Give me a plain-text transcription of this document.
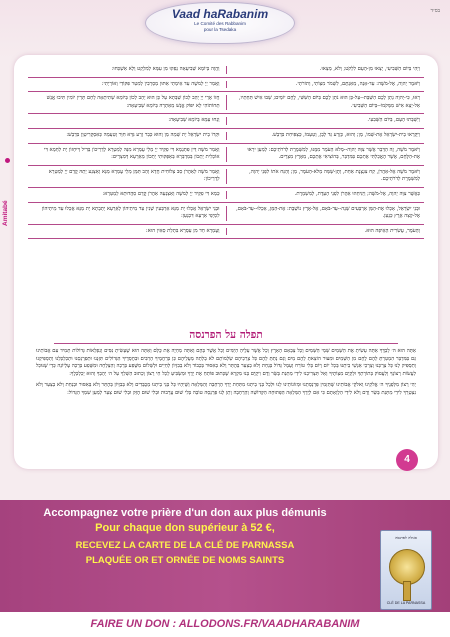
בס״ד
Vaad haRabanim
Le Comité des Rabbanim
pour la Tsedaka
Amitabé
וַיְהִי בַּיּוֹם הַשְּׁבִיעִי, יָצְאוּ מִן-הָעָם לִלְקֹט; וְלֹא, מָצָאוּ.
וַהֲוָה בְּיוֹמָא שְׁבִיעָאָה נְפַקוּ מִן עַמָּא לְמִלְקַט וְלָא אַשְׁכַּחוּ:
וַיֹּאמֶר יְהוָה, אֶל-מֹשֶׁה: עַד-אָנָה, מֵאַנְתֶּם, לִשְׁמֹר מִצְוֹתַי, וְתוֹרֹתָי.
וַאֲמַר יְיָ לְמשֶׁה עַד אֵימָתַי אַתּוּן מְסָרְבִין לְמִטַּר פִּקּוֹדַי וְאוֹרָיָתִי:
רְאוּ, כִּי-יְהוָה נָתַן לָכֶם הַשַּׁבָּת--עַל-כֵּן הוּא נֹתֵן לָכֶם בַּיּוֹם הַשִּׁשִּׁי, לֶחֶם יוֹמָיִם; שְׁבוּ אִישׁ תַּחְתָּיו, אַל-יֵצֵא אִישׁ מִמְּקֹמוֹ--בַּיּוֹם הַשְּׁבִיעִי.
חֲזוֹ אֲרֵי יְיָ יְהַב לְכוֹן שַׁבְּתָא עַל כֵּן הוּא יָהֵב לְכוֹן בְּיוֹמָא שְׁתִיתָאָה לְחֵם תְּרֵין יוֹמִין תִּיבוּ אֱנָשׁ תְּחוֹתוֹהִי לָא יִפּוֹק אֱנָשׁ מֵאַתְרֵהּ בְּיוֹמָא שְׁבִיעָאָה:
וַיִּשְׁבְּתוּ הָעָם, בַּיּוֹם הַשְּׁבִעִי.
וְנָחוּ עַמָּא בְּיוֹמָא שְׁבִיעָאָה:
וַיִּקְרְאוּ בֵית-יִשְׂרָאֵל אֶת-שְׁמוֹ, מָן; וְהוּא, כְּזֶרַע גַּד לָבָן, וְטַעְמוֹ, כְּצַפִּיחִת בִּדְבָשׁ.
וּקְרוֹ בֵית יִשְׂרָאֵל יָת שְׁמֵהּ מַן וְהוּא כְּבַר זְרַע גִּדָּא חִוָּר וְטַעְמֵהּ כְּאִסְקְרִיטָוָן בִּדְבָשׁ:
וַיֹּאמֶר מֹשֶׁה, זֶה הַדָּבָר אֲשֶׁר צִוָּה יְהוָה--מְלֹא הָעֹמֶר מִמֶּנּוּ, לְמִשְׁמֶרֶת לְדֹרֹתֵיכֶם: לְמַעַן יִרְאוּ אֶת-הַלֶּחֶם, אֲשֶׁר הֶאֱכַלְתִּי אֶתְכֶם בַּמִּדְבָּר, בְּהוֹצִיאִי אֶתְכֶם, מֵאֶרֶץ מִצְרָיִם.
וַאֲמַר משֶׁה דֵּין פִּתְגָמָא דִּי פַקֵּיד יְיָ מְלֵי עֻמְרָא מִנֵּהּ לְמַטְּרָא לְדָרֵיכוֹן בְּדִיל דְּיִחְזוֹן יָת לַחְמָא דִּי אוֹכֵלִית יָתְכוֹן בְּמַדְבְּרָא בְּאַפָּקוּתִי יָתְכוֹן מֵאַרְעָא דְּמִצְרָיִם:
וַיֹּאמֶר מֹשֶׁה אֶל-אַהֲרֹן, קַח צִנְצֶנֶת אַחַת, וְתֶן-שָׁמָּה מְלֹא-הָעֹמֶר, מָן; וְהַנַּח אֹתוֹ לִפְנֵי יְהוָה, לְמִשְׁמֶרֶת לְדֹרֹתֵיכֶם.
וַאֲמַר משֶׁה לְאַהֲרֹן סַב צְלוֹחִית חֲדָא וְהַב תַּמָּן מְלֵי עֻמְרָא מַנָּא וְאַצְנַע יָתֵהּ קֳדָם יְיָ לְמַטְּרָא לְדָרֵיכוֹן:
כַּאֲשֶׁר צִוָּה יְהוָה, אֶל-מֹשֶׁה; וַיַּנִּיחֵהוּ אַהֲרֹן לִפְנֵי הָעֵדֻת, לְמִשְׁמָרֶת.
כְּמָא דִּי פַקֵּיד יְיָ לְמשֶׁה וְאַצְנְעֵהּ אַהֲרֹן קֳדָם סַהֲדוּתָא לְמַטְּרָא:
וּבְנֵי יִשְׂרָאֵל, אָכְלוּ אֶת-הַמָּן אַרְבָּעִים שָׁנָה--עַד-בֹּאָם, אֶל-אֶרֶץ נוֹשָׁבֶת: אֶת-הַמָּן, אָכְלוּ--עַד-בֹּאָם, אֶל-קְצֵה אֶרֶץ כְּנָעַן.
וּבְנֵי יִשְׂרָאֵל אֲכָלוּ יָת מַנָּא אַרְבְּעִין שְׁנִין עַד מֵיתֵיהוֹן לְאַרְעָא יָתְבָתָא יָת מַנָּא אֲכָלוּ עַד מֵיתֵיהוֹן לִסְיָפֵי אַרְעָא דִּכְנָעַן:
וְהָעֹמֶר, עֲשִׂרִית הָאֵיפָה הוּא.
וְעֻמְרָא חַד מִן עַסְרָא בִּתְלַת סְאִין הוּא:
תפלה על הפרנסה

אַתָּה הוּא ה׳ לְבַדֶּךָ אַתָּה עָשִׂיתָ אֶת הַשָּׁמַיִם שְׁמֵי הַשָּׁמַיִם וְכָל צְבָאָם הָאָרֶץ וְכָל אֲשֶׁר עָלֶיהָ הַיַּמִּים וְכָל אֲשֶׁר בָּהֶם וְאַתָּה מְחַיֶּה אֶת כֻּלָּם וְאַתָּה הוּא שֶׁעָשִׂיתָ נִסִּים וְנִפְלָאוֹת גְּדוֹלוֹת תָּמִיד עִם אֲבוֹתֵינוּ גַּם בַּמִּדְבָּר הִמְטַרְתָּ לָהֶם לֶחֶם מִן הַשָּׁמַיִם וּמִצּוּר הוֹצֵאתָ לָהֶם מַיִם וְגַם נָתַתָּ לָהֶם כָּל צָרְכֵיהֶם שַׂלְמוֹתָם לֹא בָלְתָה מֵעֲלֵיהֶם כֵּן בְּרַחֲמֶיךָ הָרַבִּים וּבַחֲסָדֶיךָ הַגְּדוֹלִים תִּזָּנֵנוּ וּתְפַרְנְסֵנוּ וּתְכַלְכְּלֵנוּ וְתַסְפִּיקֵנוּ וְתַסְפִּיק לָנוּ כָּל צָרְכֵּנוּ וְצָרְכֵי אַנְשֵׁי בֵיתֵנוּ בְּכָל יוֹם וָיוֹם בְּלִי טוֹרַח וְעָמָל גָּדוֹל בְּנַחַת וְלֹא בְצַעַר בְּהֶתֵּר וְלֹא בְאִסּוּר בְּכָבוֹד וְלֹא בְבִזָּיוֹן לְחַיִּים וּלְשָׁלוֹם מִשֶּׁפַע בְּרָכָה וְהַצְלָחָה וּמִשֶּׁפַע בְּרֵכָה עֶלְיוֹנָה כְּדֵי שֶׁנּוּכַל לַעֲשׂוֹת רְצוֹנְךָ וְלַעֲסוֹק בְּתוֹרָתְךָ וּלְקַיֵּם מִצְוֹתֶיךָ וְאַל תַּצְרִיכֵנוּ לִידֵי מַתְּנַת בָּשָׂר וָדָם וִיקֻיַּם בָּנוּ מִקְרָא שֶׁכָּתוּב פּוֹתֵחַ אֶת יָדֶךָ וּמַשְׂבִּיעַ לְכָל חַי רָצוֹן וְכָתוּב הַשְׁלֵךְ עַל ה׳ יְהָבְךָ וְהוּא יְכַלְכְּלֶךָ:

יְהִי רָצוֹן מִלְּפָנֶיךָ ה׳ אֱלֹקֵינוּ וֵאלֹקֵי אֲבוֹתֵינוּ שֶׁתַּזְמִין פַּרְנָסָתֵנוּ וּמְזוֹנוֹתֵינוּ לָנוּ וּלְכָל בְּנֵי בֵיתֵנוּ מִתַּחַת יָדְךָ הָרְחָבָה וְהַמְּלֵאָה וְשֶׁיִּהְיוּ כָּל בְּנֵי בֵיתֵנוּ מְכֻבָּדִים וְלֹא בְּבִזָּיוֹן בְּהֶתֵּר וְלֹא בְּאִסּוּר וּבְנַחַת וְלֹא בְצַעַר וְלֹא נִצְטָרֵךְ לִידֵי מַתְּנַת בָּשָׂר וָדָם וְלֹא לִידֵי הַלְוָאָתָם כִּי אִם לְיָדְךָ הַמְּלֵאָה הַפְּתוּחָה הַקְּדוֹשָׁה וְהָרְחָבָה וְתֵן לָנוּ פַּרְנָסָה טוֹבָה בְּלִי שׁוּם עֲרָבוּת וּבְלִי שׁוּם הֶזֵּק וּבְלִי שׁוּם צַעַר לְמַעַן שִׁמְךָ הַגָּדוֹל:

4
Accompagnez votre prière d'un don aux plus démunis
Pour chaque don supérieur à 52 €,
RECEVEZ LA CARTE DE LA CLÉ DE PARNASSA
PLAQUÉE OR ET ORNÉE DE NOMS SAINTS
סגולה לפרנסה
CLÉ DE LA PARNASSA
FAIRE UN DON : ALLODONS.FR/VAADHARABANIM
